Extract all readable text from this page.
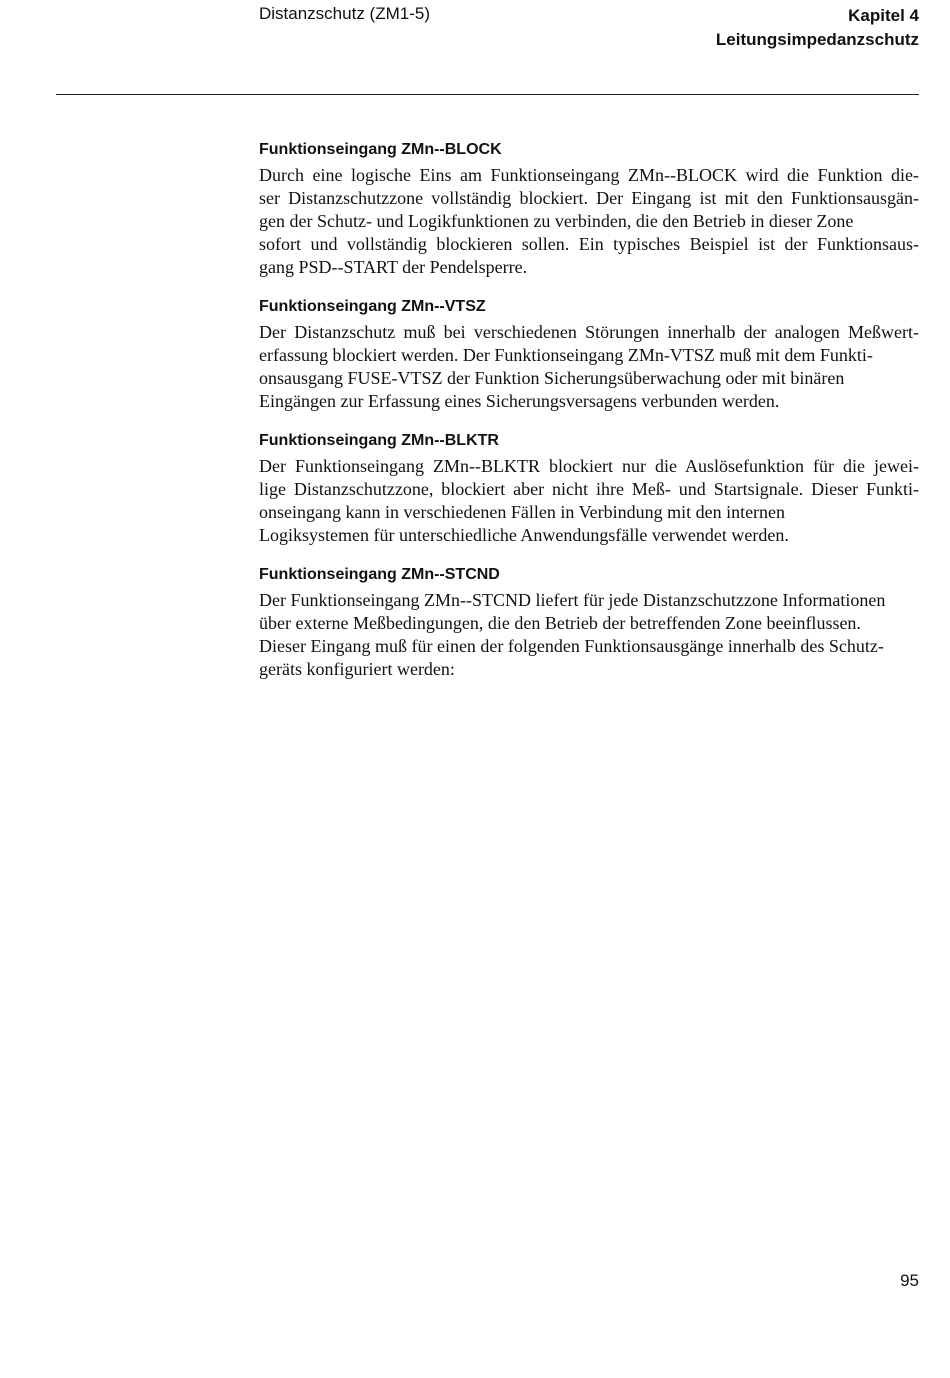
Distanzschutz (ZM1-5)	Kapitel 4
Leitungsimpedanzschutz
Funktionseingang ZMn--BLOCK
Durch eine logische Eins am Funktionseingang ZMn--BLOCK wird die Funktion die-
ser Distanzschutzzone vollständig blockiert. Der Eingang ist mit den Funktionsausgän-
gen der Schutz- und Logikfunktionen zu verbinden, die den Betrieb in dieser Zone
sofort und vollständig blockieren sollen. Ein typisches Beispiel ist der Funktionsaus-
gang PSD--START der Pendelsperre.
Funktionseingang ZMn--VTSZ
Der Distanzschutz muß bei verschiedenen Störungen innerhalb der analogen Meßwert-
erfassung blockiert werden. Der Funktionseingang ZMn-VTSZ muß mit dem Funkti-
onsausgang FUSE-VTSZ der Funktion Sicherungsüberwachung oder mit binären
Eingängen zur Erfassung eines Sicherungsversagens verbunden werden.
Funktionseingang ZMn--BLKTR
Der Funktionseingang ZMn--BLKTR blockiert nur die Auslösefunktion für die jewei-
lige Distanzschutzzone, blockiert aber nicht ihre Meß- und Startsignale. Dieser Funkti-
onseingang kann in verschiedenen Fällen in Verbindung mit den internen
Logiksystemen für unterschiedliche Anwendungsfälle verwendet werden.
Funktionseingang ZMn--STCND
Der Funktionseingang ZMn--STCND liefert für jede Distanzschutzzone Informationen
über externe Meßbedingungen, die den Betrieb der betreffenden Zone beeinflussen.
Dieser Eingang muß für einen der folgenden Funktionsausgänge innerhalb des Schutz-
geräts konfiguriert werden:
95
